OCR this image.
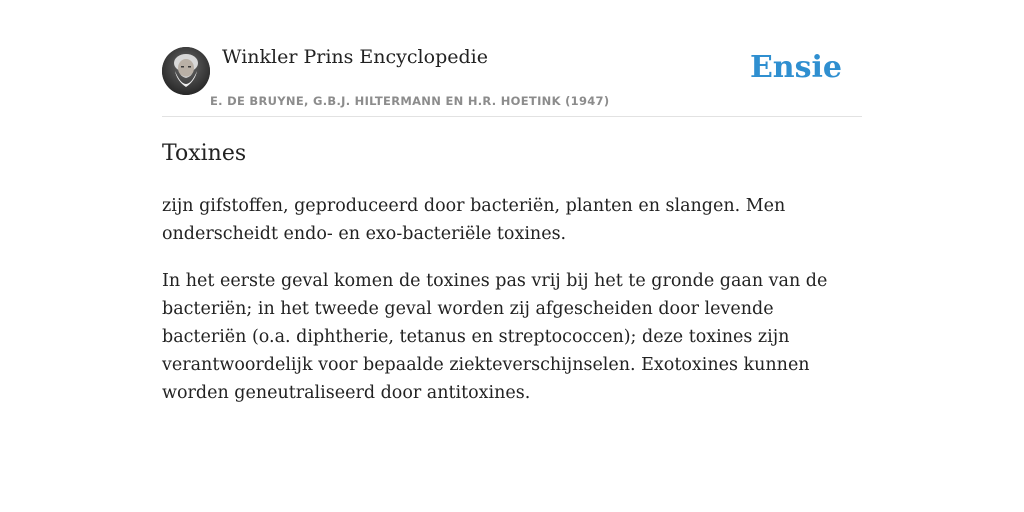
Winkler Prins Encyclopedie
E. DE BRUYNE, G.B.J. HILTERMANN EN H.R. HOETINK (1947)
Ensie
Toxines

zijn gifstoffen, geproduceerd door bacteriën, planten en slangen. Men onderscheidt endo- en exo-bacteriële toxines.

In het eerste geval komen de toxines pas vrij bij het te gronde gaan van de bacteriën; in het tweede geval worden zij afgescheiden door levende bacteriën (o.a. diphtherie, tetanus en streptococcen); deze toxines zijn verantwoordelijk voor bepaalde ziekteverschijnselen. Exotoxines kunnen worden geneutraliseerd door antitoxines.
